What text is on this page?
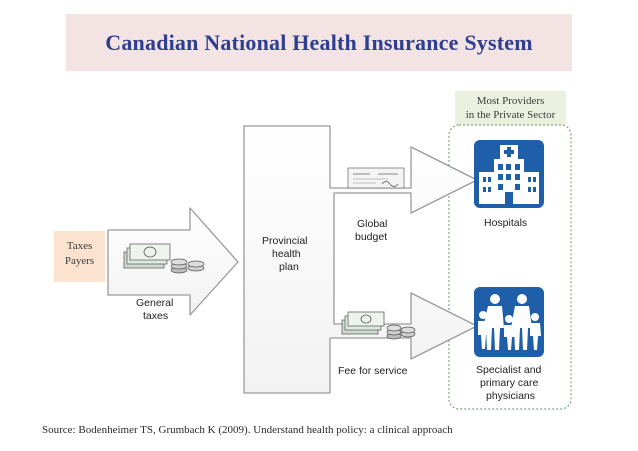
Canadian National Health Insurance System
Most Providers
in the Private Sector
Taxes
Payers
General
taxes
Provincial
health
plan
Global
budget
Fee for service
Hospitals
Specialist and
primary care
physicians
Source: Bodenheimer TS, Grumbach K (2009). Understand health policy: a clinical approach
